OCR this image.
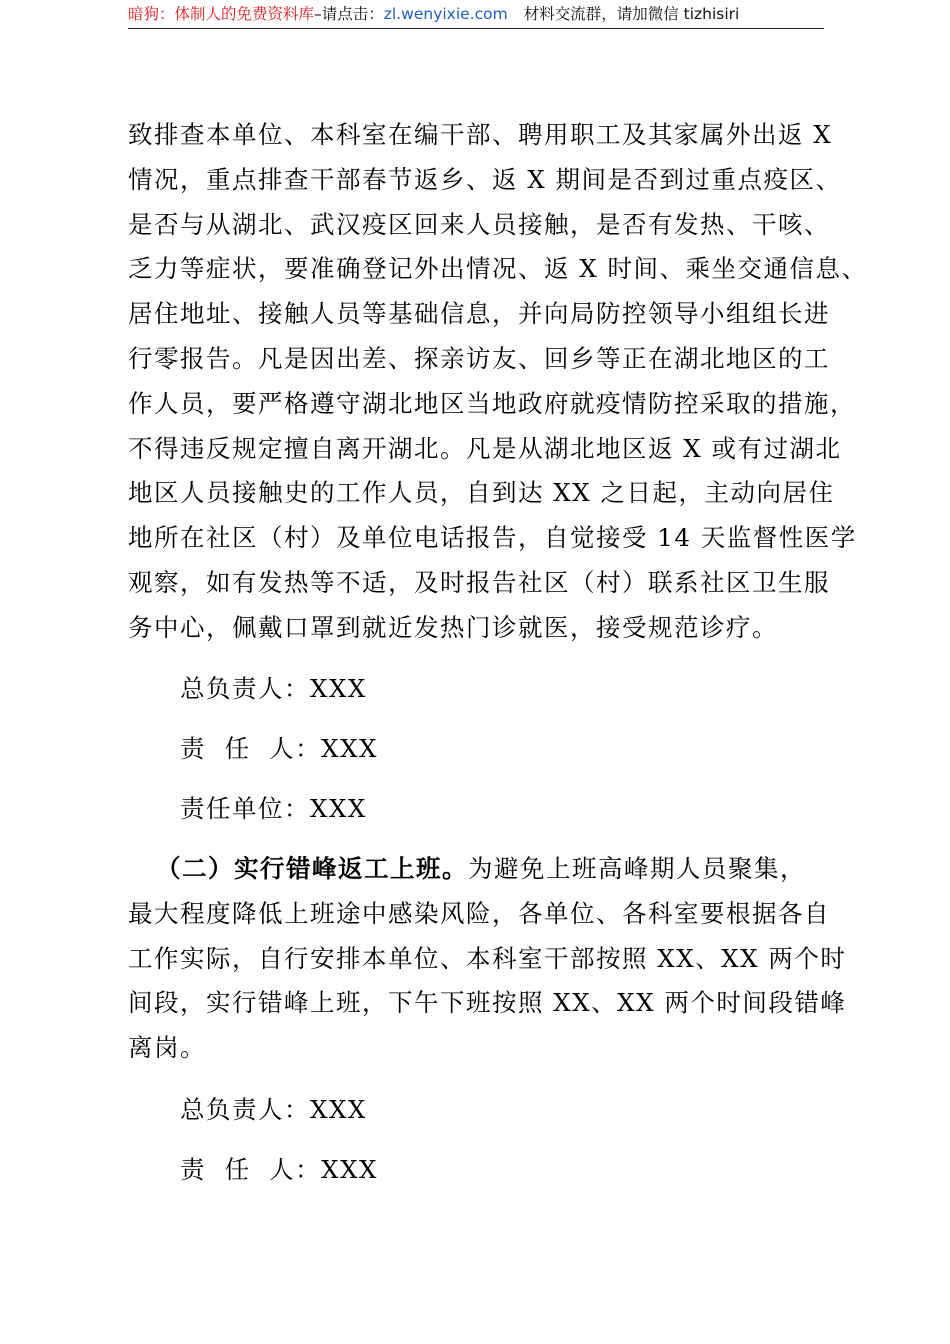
暗狗：体制人的免费资料库–请点击：zl.wenyixie.com 材料交流群，请加微信 tizhisiri
致排查本单位、本科室在编干部、聘用职工及其家属外出返 X
情况，重点排查干部春节返乡、返 X 期间是否到过重点疫区、
是否与从湖北、武汉疫区回来人员接触，是否有发热、干咳、
乏力等症状，要准确登记外出情况、返 X 时间、乘坐交通信息、
居住地址、接触人员等基础信息，并向局防控领导小组组长进
行零报告。凡是因出差、探亲访友、回乡等正在湖北地区的工
作人员，要严格遵守湖北地区当地政府就疫情防控采取的措施，
不得违反规定擅自离开湖北。凡是从湖北地区返 X 或有过湖北
地区人员接触史的工作人员，自到达 XX 之日起，主动向居住
地所在社区（村）及单位电话报告，自觉接受 14 天监督性医学
观察，如有发热等不适，及时报告社区（村）联系社区卫生服
务中心，佩戴口罩到就近发热门诊就医，接受规范诊疗。
总负责人：XXX
责  任  人：XXX
责任单位：XXX
（二）实行错峰返工上班。为避免上班高峰期人员聚集，
最大程度降低上班途中感染风险，各单位、各科室要根据各自
工作实际，自行安排本单位、本科室干部按照 XX、XX 两个时
间段，实行错峰上班，下午下班按照 XX、XX 两个时间段错峰
离岗。
总负责人：XXX
责  任  人：XXX
